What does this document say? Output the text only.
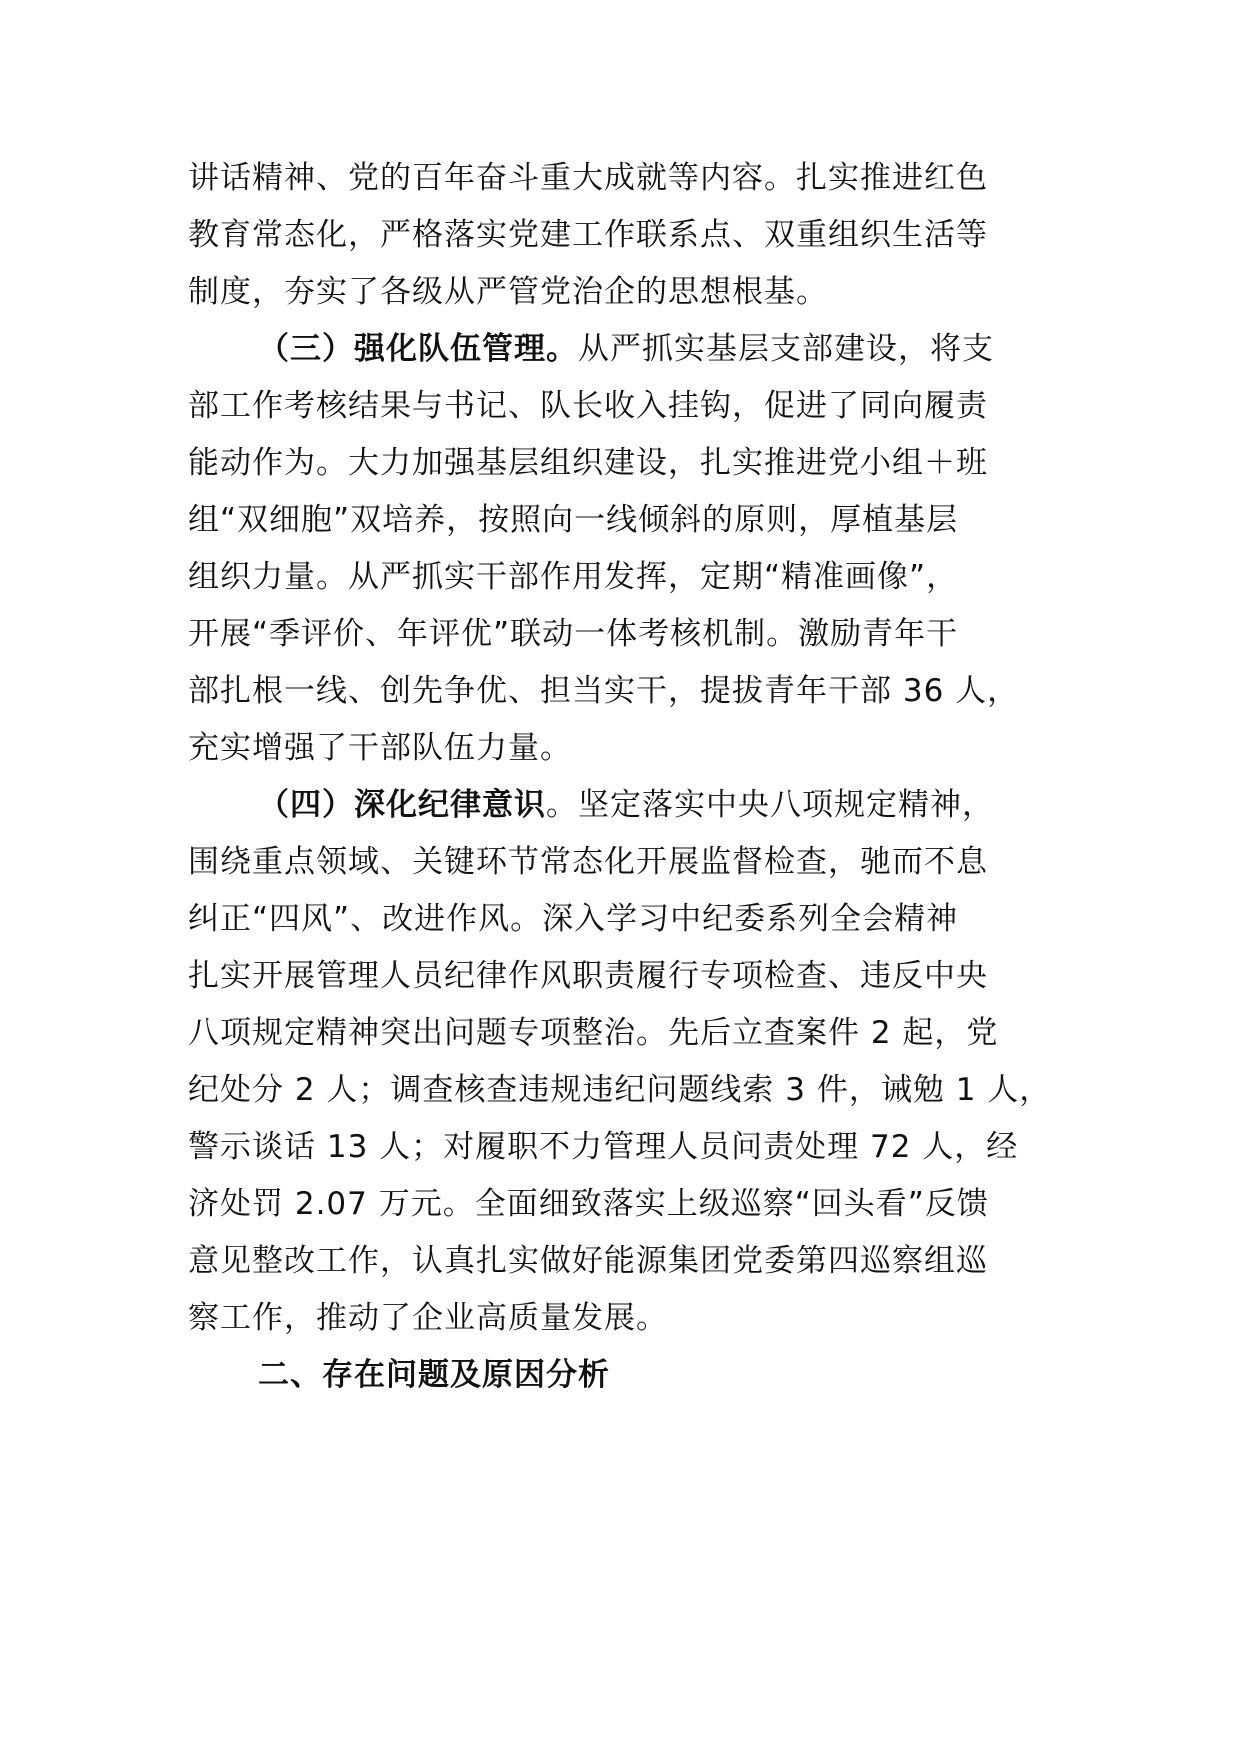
讲话精神、党的百年奋斗重大成就等内容。扎实推进红色
教育常态化，严格落实党建工作联系点、双重组织生活等
制度，夯实了各级从严管党治企的思想根基。
（三）强化队伍管理。从严抓实基层支部建设，将支
部工作考核结果与书记、队长收入挂钩，促进了同向履责
能动作为。大力加强基层组织建设，扎实推进党小组＋班
组“双细胞”双培养，按照向一线倾斜的原则，厚植基层
组织力量。从严抓实干部作用发挥，定期“精准画像”，
开展“季评价、年评优”联动一体考核机制。激励青年干
部扎根一线、创先争优、担当实干，提拔青年干部 36 人，
充实增强了干部队伍力量。
（四）深化纪律意识。坚定落实中央八项规定精神，
围绕重点领域、关键环节常态化开展监督检查，驰而不息
纠正“四风”、改进作风。深入学习中纪委系列全会精神
扎实开展管理人员纪律作风职责履行专项检查、违反中央
八项规定精神突出问题专项整治。先后立查案件 2 起，党
纪处分 2 人；调查核查违规违纪问题线索 3 件，诫勉 1 人，
警示谈话 13 人；对履职不力管理人员问责处理 72 人，经
济处罚 2.07 万元。全面细致落实上级巡察“回头看”反馈
意见整改工作，认真扎实做好能源集团党委第四巡察组巡
察工作，推动了企业高质量发展。
二、存在问题及原因分析
